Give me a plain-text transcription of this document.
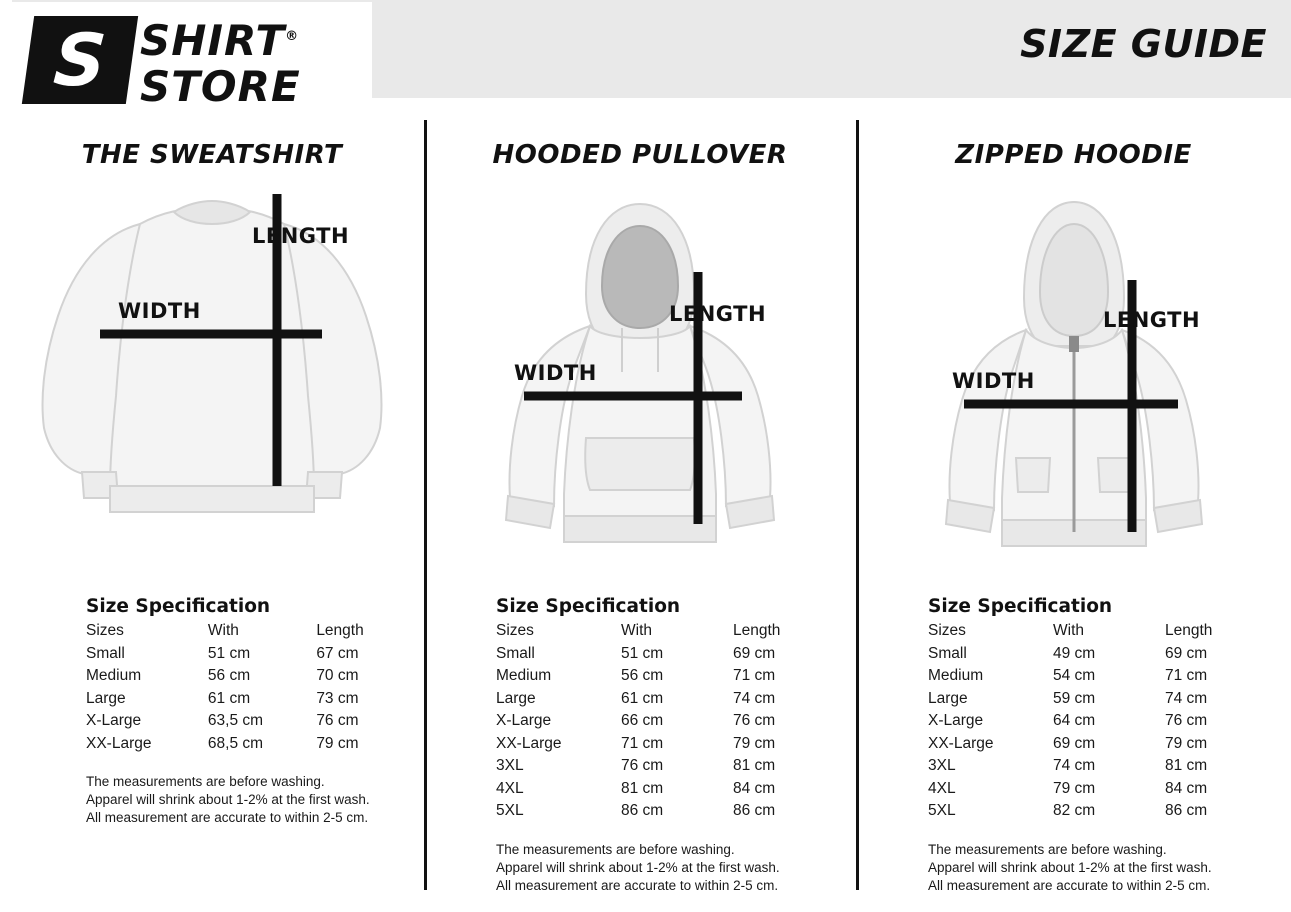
S SHIRT®
STORE
SIZE GUIDE
THE SWEATSHIRT
LENGTH
WIDTH
Size Specification
Sizes	With	Length
Small	51 cm	67 cm
Medium	56 cm	70 cm
Large	61 cm	73 cm
X-Large	63,5 cm	76 cm
XX-Large	68,5 cm	79 cm
The measurements are before washing.
Apparel will shrink about 1-2% at the first wash.
All measurement are accurate to within 2-5 cm.
HOODED PULLOVER
LENGTH
WIDTH
Size Specification
Sizes	With	Length
Small	51 cm	69 cm
Medium	56 cm	71 cm
Large	61 cm	74 cm
X-Large	66 cm	76 cm
XX-Large	71 cm	79 cm
3XL	76 cm	81 cm
4XL	81 cm	84 cm
5XL	86 cm	86 cm
The measurements are before washing.
Apparel will shrink about 1-2% at the first wash.
All measurement are accurate to within 2-5 cm.
ZIPPED HOODIE
LENGTH
WIDTH
Size Specification
Sizes	With	Length
Small	49 cm	69 cm
Medium	54 cm	71 cm
Large	59 cm	74 cm
X-Large	64 cm	76 cm
XX-Large	69 cm	79 cm
3XL	74 cm	81 cm
4XL	79 cm	84 cm
5XL	82 cm	86 cm
The measurements are before washing.
Apparel will shrink about 1-2% at the first wash.
All measurement are accurate to within 2-5 cm.
